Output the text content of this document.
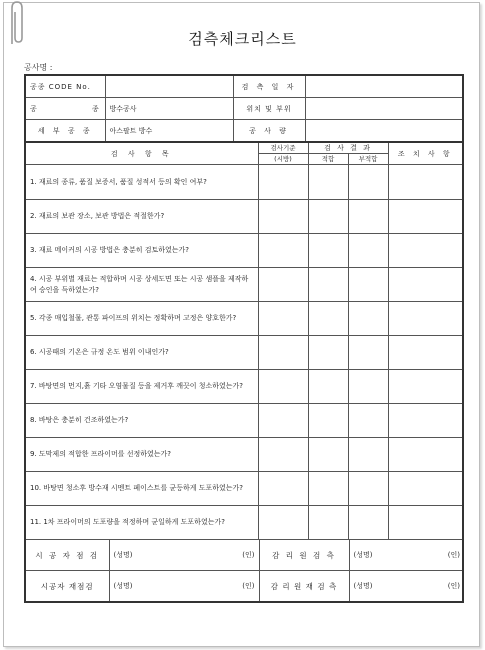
검측체크리스트
공사명 :
공종 CODE No.		검 측 일 자	
공          종	방수공사	위치 및 부위	
세 부 공 종	아스팔트 방수	공 사 량	
검 사 항 목	검사기준	검 사 결 과	조 치 사 항
(시방)	적합	부적합
1. 재료의 종류, 품질 보증서, 품질 성적서 등의 확인 여부?				
2. 재료의 보관 장소, 보관 방법은 적절한가?				
3. 재료 메이커의 시공 방법은 충분히 검토하였는가?				
4. 시공 부위별 재료는 적합하며 시공 상세도면 또는 시공 샘플을 제작하여 승인을 득하였는가?				
5. 각종 매입철물, 관통 파이프의 위치는 정확하며 고정은 양호한가?				
6. 시공때의 기온은 규정 온도 범위 이내인가?				
7. 바탕면의 먼지,흙 기타 오염물질 등을 제거후 깨끗이 청소하였는가?				
8. 바탕은 충분히 건조하였는가?				
9. 도막제의 적합한 프라이머를 선정하였는가?				
10. 바탕면 청소후 방수재 시멘트 페이스트를 균등하게 도포하였는가?				
11. 1차 프라이머의 도포량을 적정하며 균일하게 도포하였는가?				

시 공 자 점 검	(성명)	(인)	감 리 원 검 측	(성명)	(인)

시공자 재점검	(성명)	(인)	감 리 원 재 검 측	(성명)	(인)
